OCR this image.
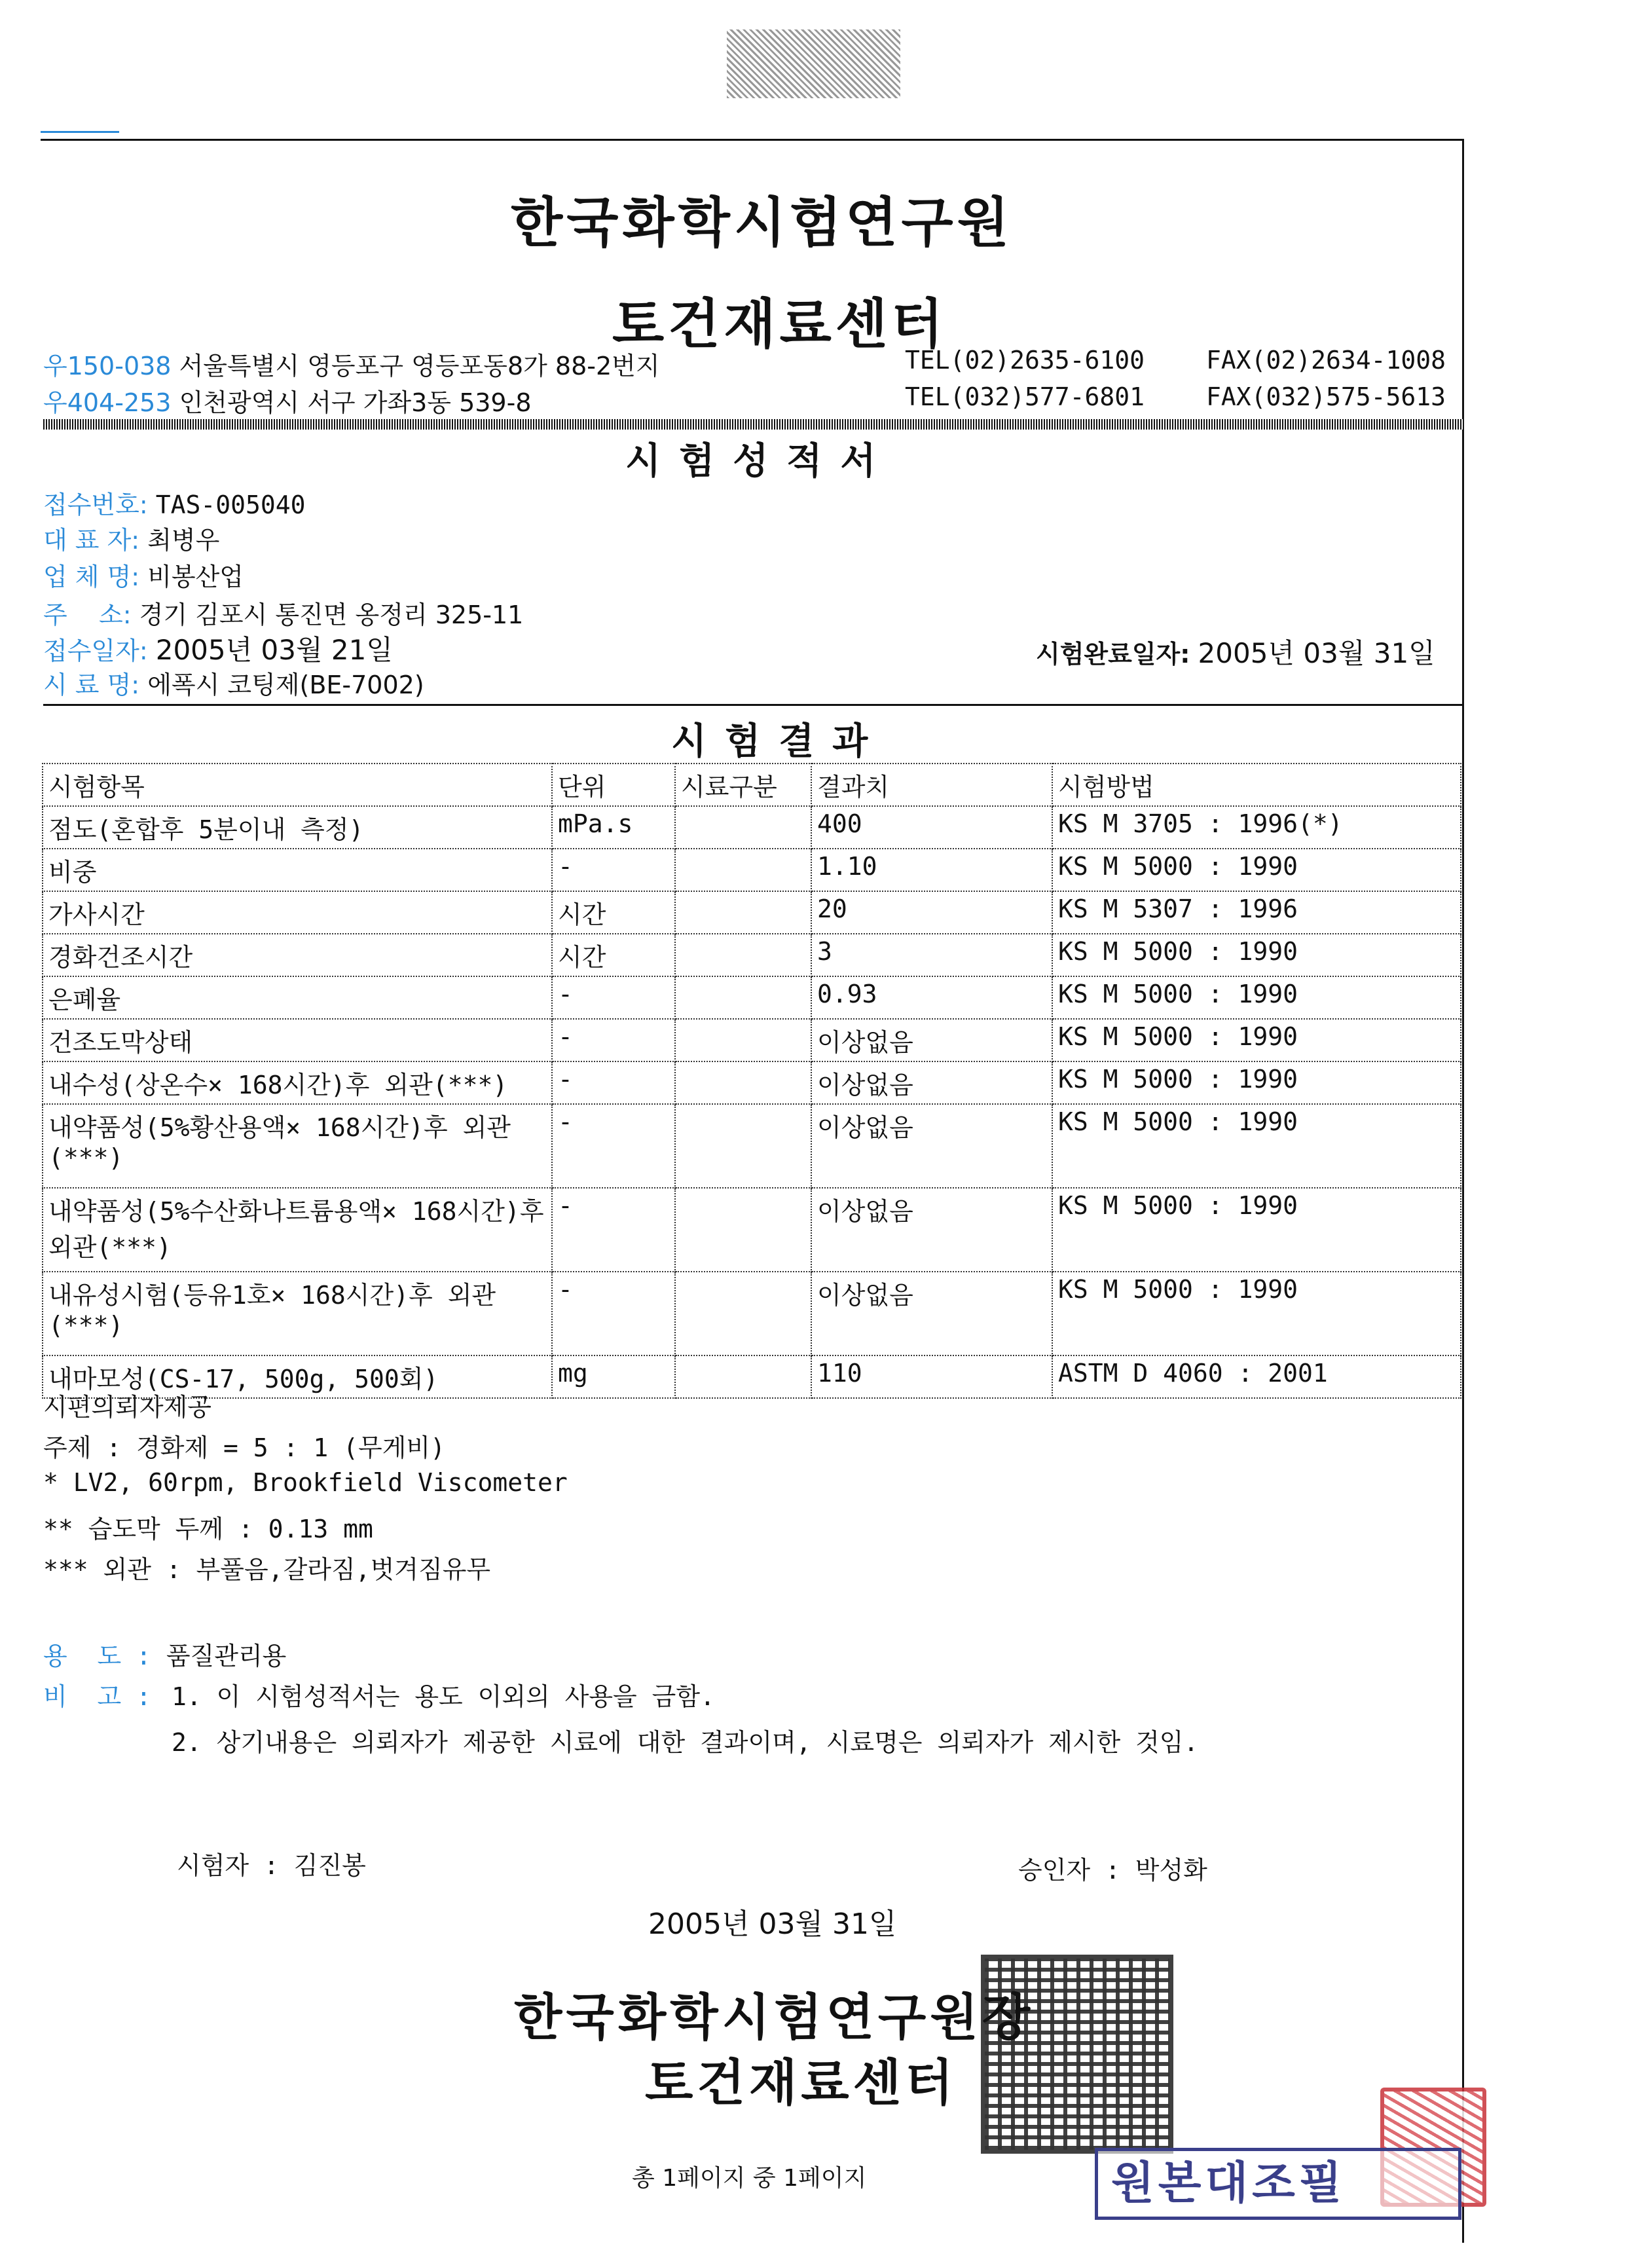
한국화학시험연구원
토건재료센터
우150-038 서울특별시 영등포구 영등포동8가 88-2번지	TEL(02)2635-6100 FAX(02)2634-1008
우404-253 인천광역시 서구 가좌3동 539-8	TEL(032)577-6801 FAX(032)575-5613
시험성적서
접수번호: TAS-005040
대 표 자: 최병우
업 체 명: 비봉산업
주    소: 경기 김포시 통진면 옹정리 325-11
접수일자: 2005년 03월 21일	시험완료일자: 2005년 03월 31일
시 료 명: 에폭시 코팅제(BE-7002)
시험결과
시험항목	단위	시료구분	결과치	시험방법
점도(혼합후 5분이내 측정)	mPa.s		400	KS M 3705 : 1996(*)
비중	-		1.10	KS M 5000 : 1990
가사시간	시간		20	KS M 5307 : 1996
경화건조시간	시간		3	KS M 5000 : 1990
은폐율	-		0.93	KS M 5000 : 1990
건조도막상태	-		이상없음	KS M 5000 : 1990
내수성(상온수× 168시간)후 외관(***)	-		이상없음	KS M 5000 : 1990
내약품성(5%황산용액× 168시간)후 외관(***)	-		이상없음	KS M 5000 : 1990
내약품성(5%수산화나트륨용액× 168시간)후 외관(***)	-		이상없음	KS M 5000 : 1990
내유성시험(등유1호× 168시간)후 외관(***)	-		이상없음	KS M 5000 : 1990
내마모성(CS-17, 500g, 500회)	mg		110	ASTM D 4060 : 2001
시편의뢰자제공
주제 : 경화제 = 5 : 1 (무게비)
* LV2, 60rpm, Brookfield Viscometer
** 습도막 두께 : 0.13 mm
*** 외관 : 부풀음,갈라짐,벗겨짐유무
용  도 : 품질관리용
비  고 : 1. 이 시험성적서는 용도 이외의 사용을 금함.
2. 상기내용은 의뢰자가 제공한 시료에 대한 결과이며, 시료명은 의뢰자가 제시한 것임.
시험자 : 김진봉	승인자 : 박성화
2005년 03월 31일
한국화학시험연구원장
토건재료센터
총 1페이지 중 1페이지	원본대조필
